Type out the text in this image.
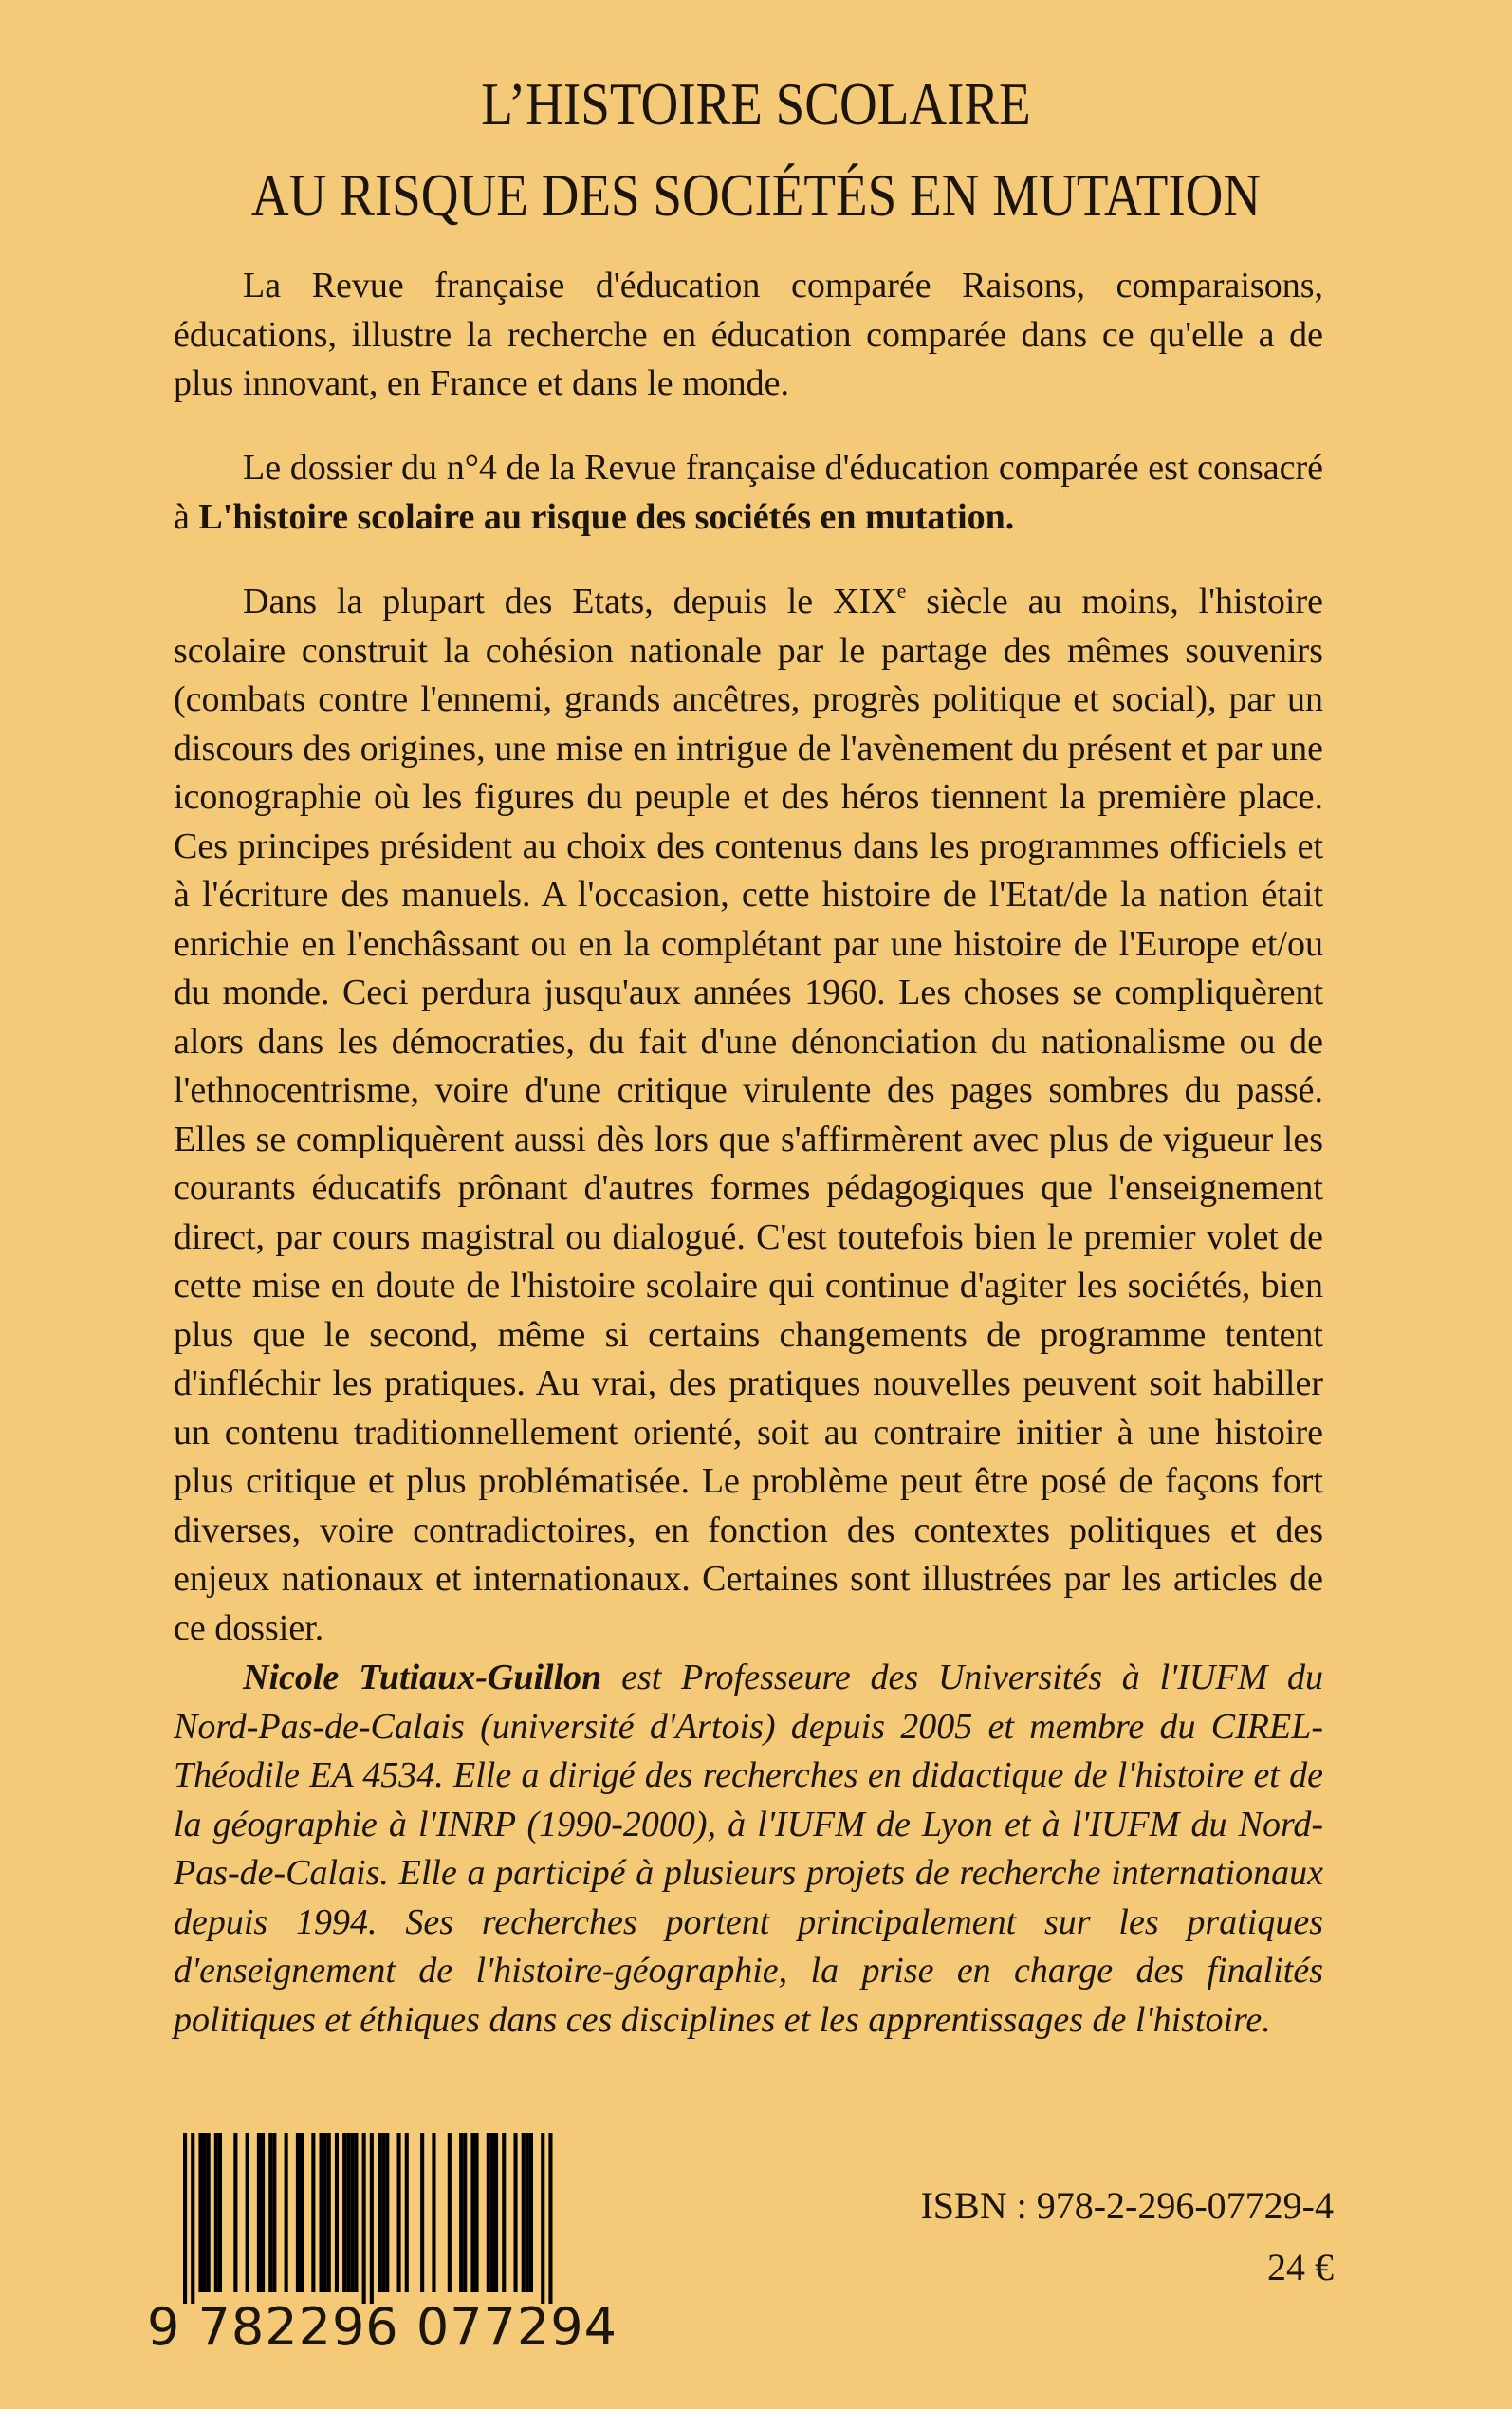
L’HISTOIRE SCOLAIRE
AU RISQUE DES SOCIÉTÉS EN MUTATION
La Revue française d'éducation comparée Raisons, comparaisons, éducations, illustre la recherche en éducation comparée dans ce qu'elle a de plus innovant, en France et dans le monde.
Le dossier du n°4 de la Revue française d'éducation comparée est consacré à L'histoire scolaire au risque des sociétés en mutation.
Dans la plupart des Etats, depuis le XIXe siècle au moins, l'histoire scolaire construit la cohésion nationale par le partage des mêmes souvenirs (combats contre l'ennemi, grands ancêtres, progrès politique et social), par un discours des origines, une mise en intrigue de l'avènement du présent et par une iconographie où les figures du peuple et des héros tiennent la première place. Ces principes président au choix des contenus dans les programmes officiels et à l'écriture des manuels. A l'occasion, cette histoire de l'Etat/de la nation était enrichie en l'enchâssant ou en la complétant par une histoire de l'Europe et/ou du monde. Ceci perdura jusqu'aux années 1960. Les choses se compliquèrent alors dans les démocraties, du fait d'une dénonciation du nationalisme ou de l'ethnocentrisme, voire d'une critique virulente des pages sombres du passé. Elles se compliquèrent aussi dès lors que s'affirmèrent avec plus de vigueur les courants éducatifs prônant d'autres formes pédagogiques que l'enseignement direct, par cours magistral ou dialogué. C'est toutefois bien le premier volet de cette mise en doute de l'histoire scolaire qui continue d'agiter les sociétés, bien plus que le second, même si certains changements de programme tentent d'infléchir les pratiques. Au vrai, des pratiques nouvelles peuvent soit habiller un contenu traditionnellement orienté, soit au contraire initier à une histoire plus critique et plus problématisée. Le problème peut être posé de façons fort diverses, voire contradictoires, en fonction des contextes politiques et des enjeux nationaux et internationaux. Certaines sont illustrées par les articles de ce dossier.
Nicole Tutiaux-Guillon est Professeure des Universités à l'IUFM du Nord-Pas-de-Calais (université d'Artois) depuis 2005 et membre du CIREL-Théodile EA 4534. Elle a dirigé des recherches en didactique de l'histoire et de la géographie à l'INRP (1990-2000), à l'IUFM de Lyon et à l'IUFM du Nord-Pas-de-Calais. Elle a participé à plusieurs projets de recherche internationaux depuis 1994. Ses recherches portent principalement sur les pratiques d'enseignement de l'histoire-géographie, la prise en charge des finalités politiques et éthiques dans ces disciplines et les apprentissages de l'histoire.
9 782296 077294
ISBN : 978-2-296-07729-4
24 €
